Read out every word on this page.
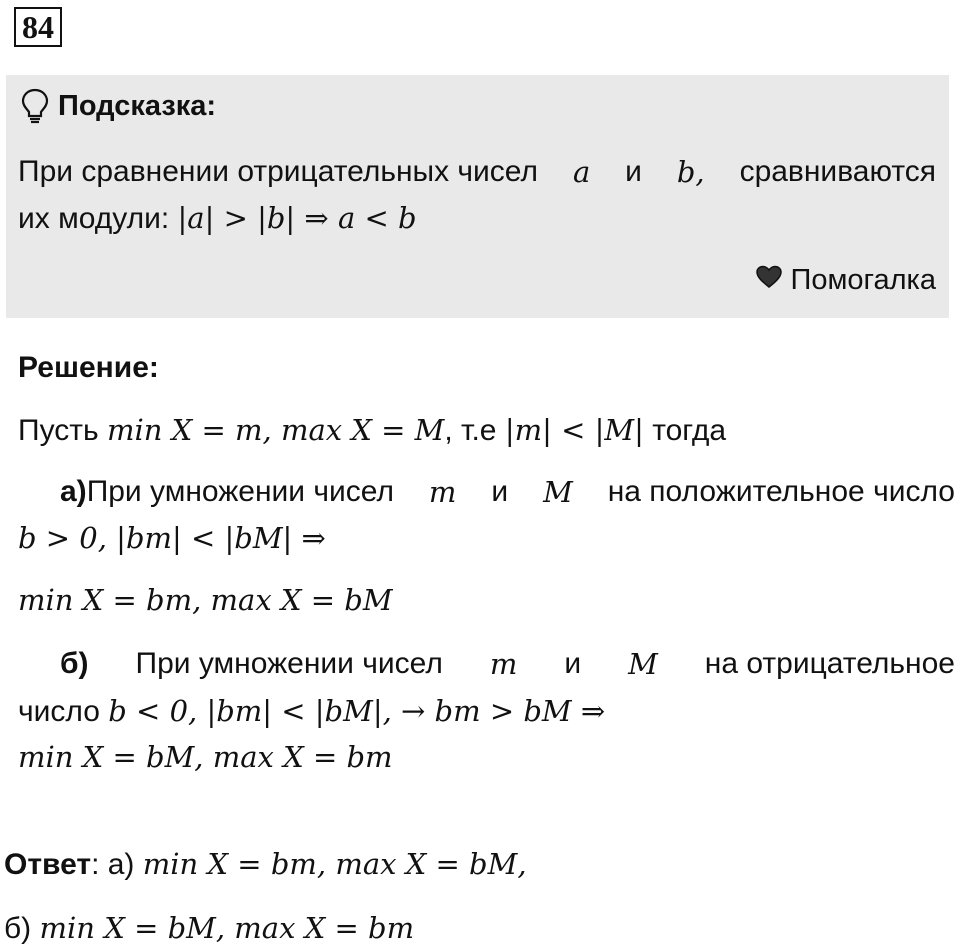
84
Подсказка:
При сравнении отрицательных чисел a и b, сравниваются
их модули: |a| > |b| ⇒ a < b
Помогалка
Решение:
Пусть min X = m, max X = M, т.е |m| < |M| тогда
а)При умножении чисел m и M на положительное число
b > 0, |bm| < |bM| ⇒
min X = bm, max X = bM
б) При умножении чисел m и M на отрицательное
число b < 0, |bm| < |bM|, → bm > bM ⇒
min X = bM, max X = bm
Ответ: а) min X = bm, max X = bM,
б) min X = bM, max X = bm
